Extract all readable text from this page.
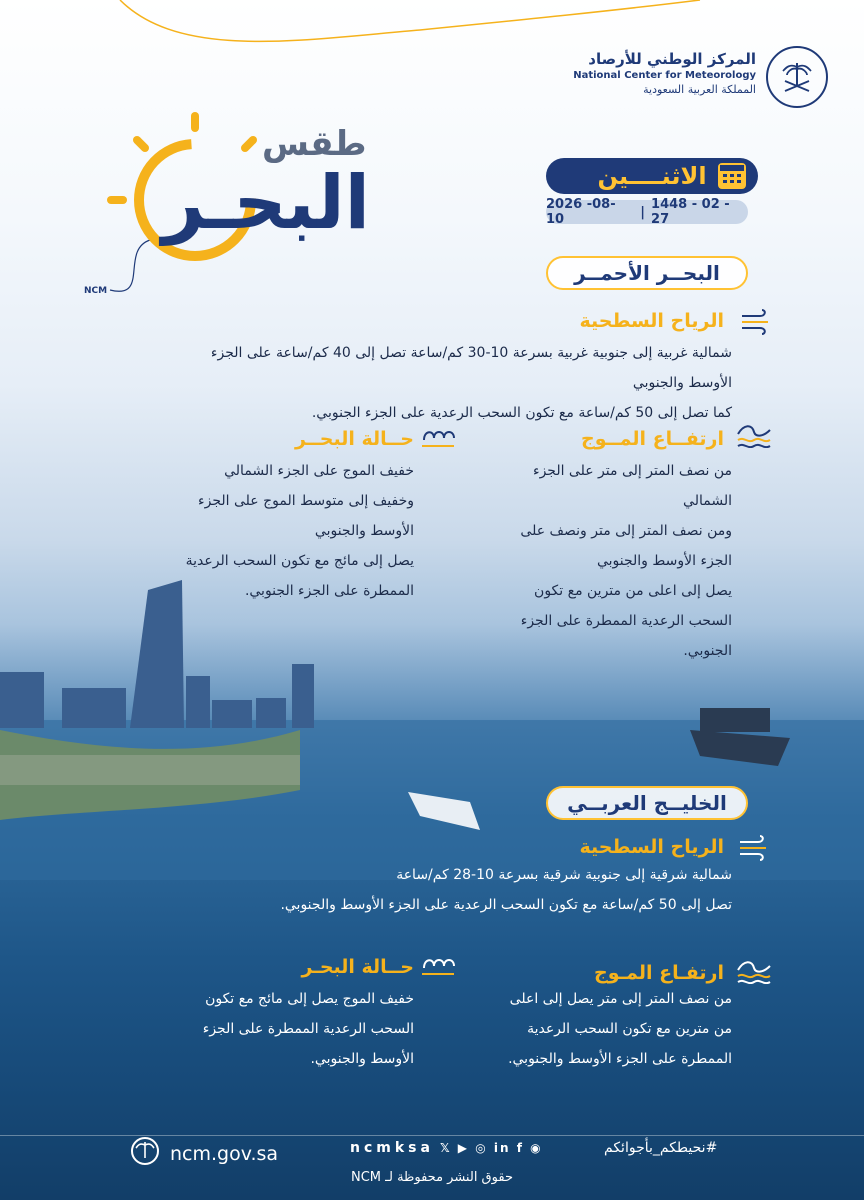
المركز الوطني للأرصاد
National Center for Meteorology
المملكة العربية السعودية
طقس
البحـر
NCM
الاثنــــين
2026 -08- 10	| 1448 - 02 - 27
البحــر الأحمــر
الرياح السطحية
شمالية غربية إلى جنوبية غربية بسرعة 10-30 كم/ساعة تصل إلى 40 كم/ساعة على الجزء
الأوسط والجنوبي
كما تصل إلى 50 كم/ساعة مع تكون السحب الرعدية على الجزء الجنوبي.
ارتفــاع المــوج
من نصف المتر إلى متر على الجزء
الشمالي
ومن نصف المتر إلى متر ونصف على
الجزء الأوسط والجنوبي
يصل إلى اعلى من مترين مع تكون
السحب الرعدية الممطرة على الجزء
الجنوبي.
حــالة البحــر
خفيف الموج على الجزء الشمالي
وخفيف إلى متوسط الموج على الجزء
الأوسط والجنوبي
يصل إلى مائج مع تكون السحب الرعدية
الممطرة على الجزء الجنوبي.
الخليــج العربــي
الرياح السطحية
شمالية شرقية إلى جنوبية شرقية بسرعة 10-28 كم/ساعة
تصل إلى 50 كم/ساعة مع تكون السحب الرعدية على الجزء الأوسط والجنوبي.
ارتفـاع المـوج
من نصف المتر إلى متر يصل إلى اعلى
من مترين مع تكون السحب الرعدية
الممطرة على الجزء الأوسط والجنوبي.
حــالة البحـر
خفيف الموج يصل إلى مائج مع تكون
السحب الرعدية الممطرة على الجزء
الأوسط والجنوبي.
ncm.gov.sa	ncmksa 𝕏 ▶ ◎ in f ◉	#نحيطكم_بأجوائكم
حقوق النشر محفوظة لـ NCM
